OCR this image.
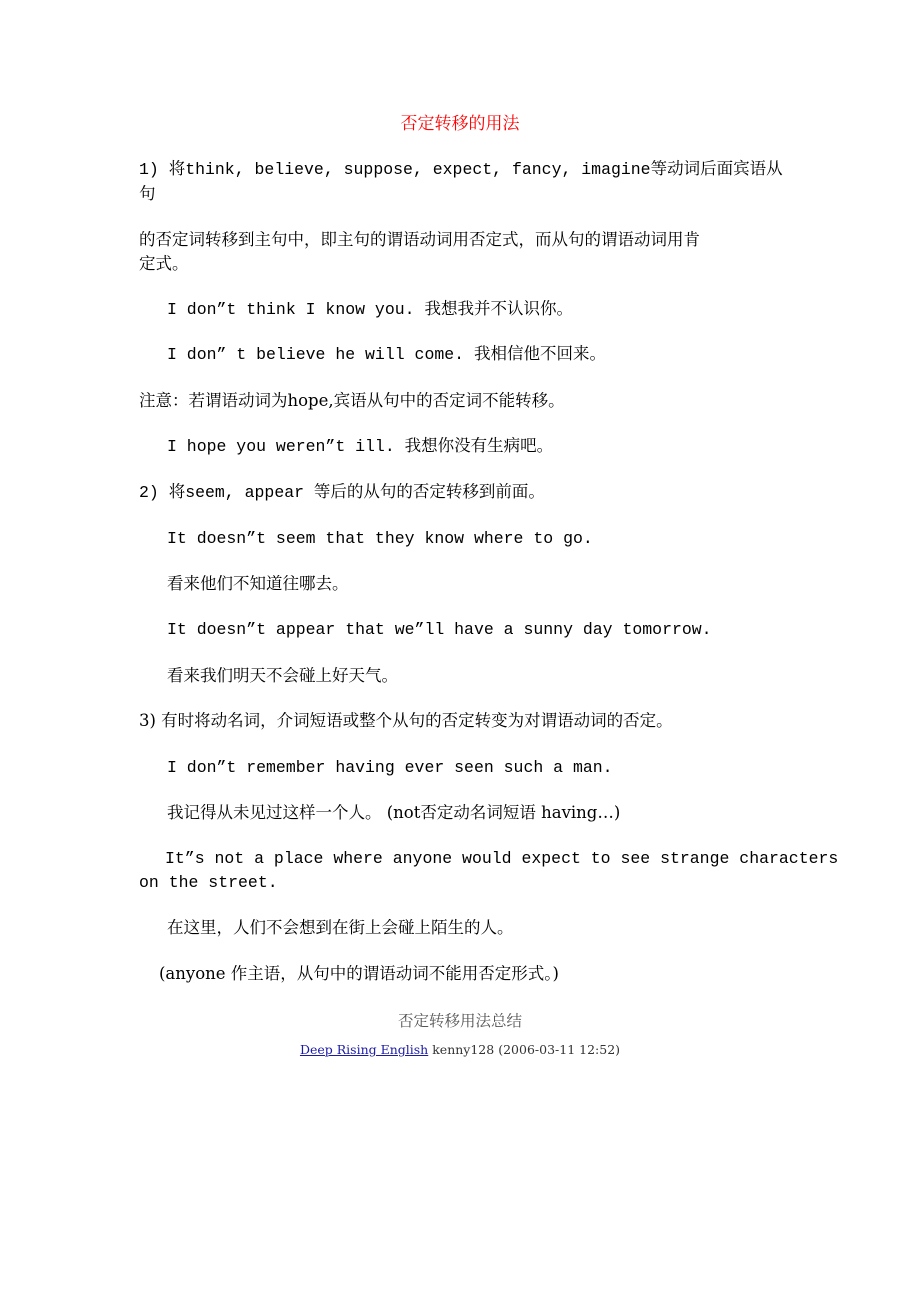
否定转移的用法
1) 将think, believe, suppose, expect, fancy, imagine等动词后面宾语从
句
的否定词转移到主句中，即主句的谓语动词用否定式，而从句的谓语动词用肯
定式。
I don”t think I know you. 我想我并不认识你。
I don” t believe he will come. 我相信他不回来。
注意：若谓语动词为hope,宾语从句中的否定词不能转移。
I hope you weren”t ill. 我想你没有生病吧。
2) 将seem, appear 等后的从句的否定转移到前面。
It doesn”t seem that they know where to go.
看来他们不知道往哪去。
It doesn”t appear that we”ll have a sunny day tomorrow.
看来我们明天不会碰上好天气。
3) 有时将动名词，介词短语或整个从句的否定转变为对谓语动词的否定。
I don”t remember having ever seen such a man.
我记得从未见过这样一个人。 (not否定动名词短语 having…)
It”s not a place where anyone would expect to see strange characters
on the street.
在这里，人们不会想到在街上会碰上陌生的人。
(anyone 作主语，从句中的谓语动词不能用否定形式。)
否定转移用法总结
Deep Rising English kenny128 (2006-03-11 12:52)
